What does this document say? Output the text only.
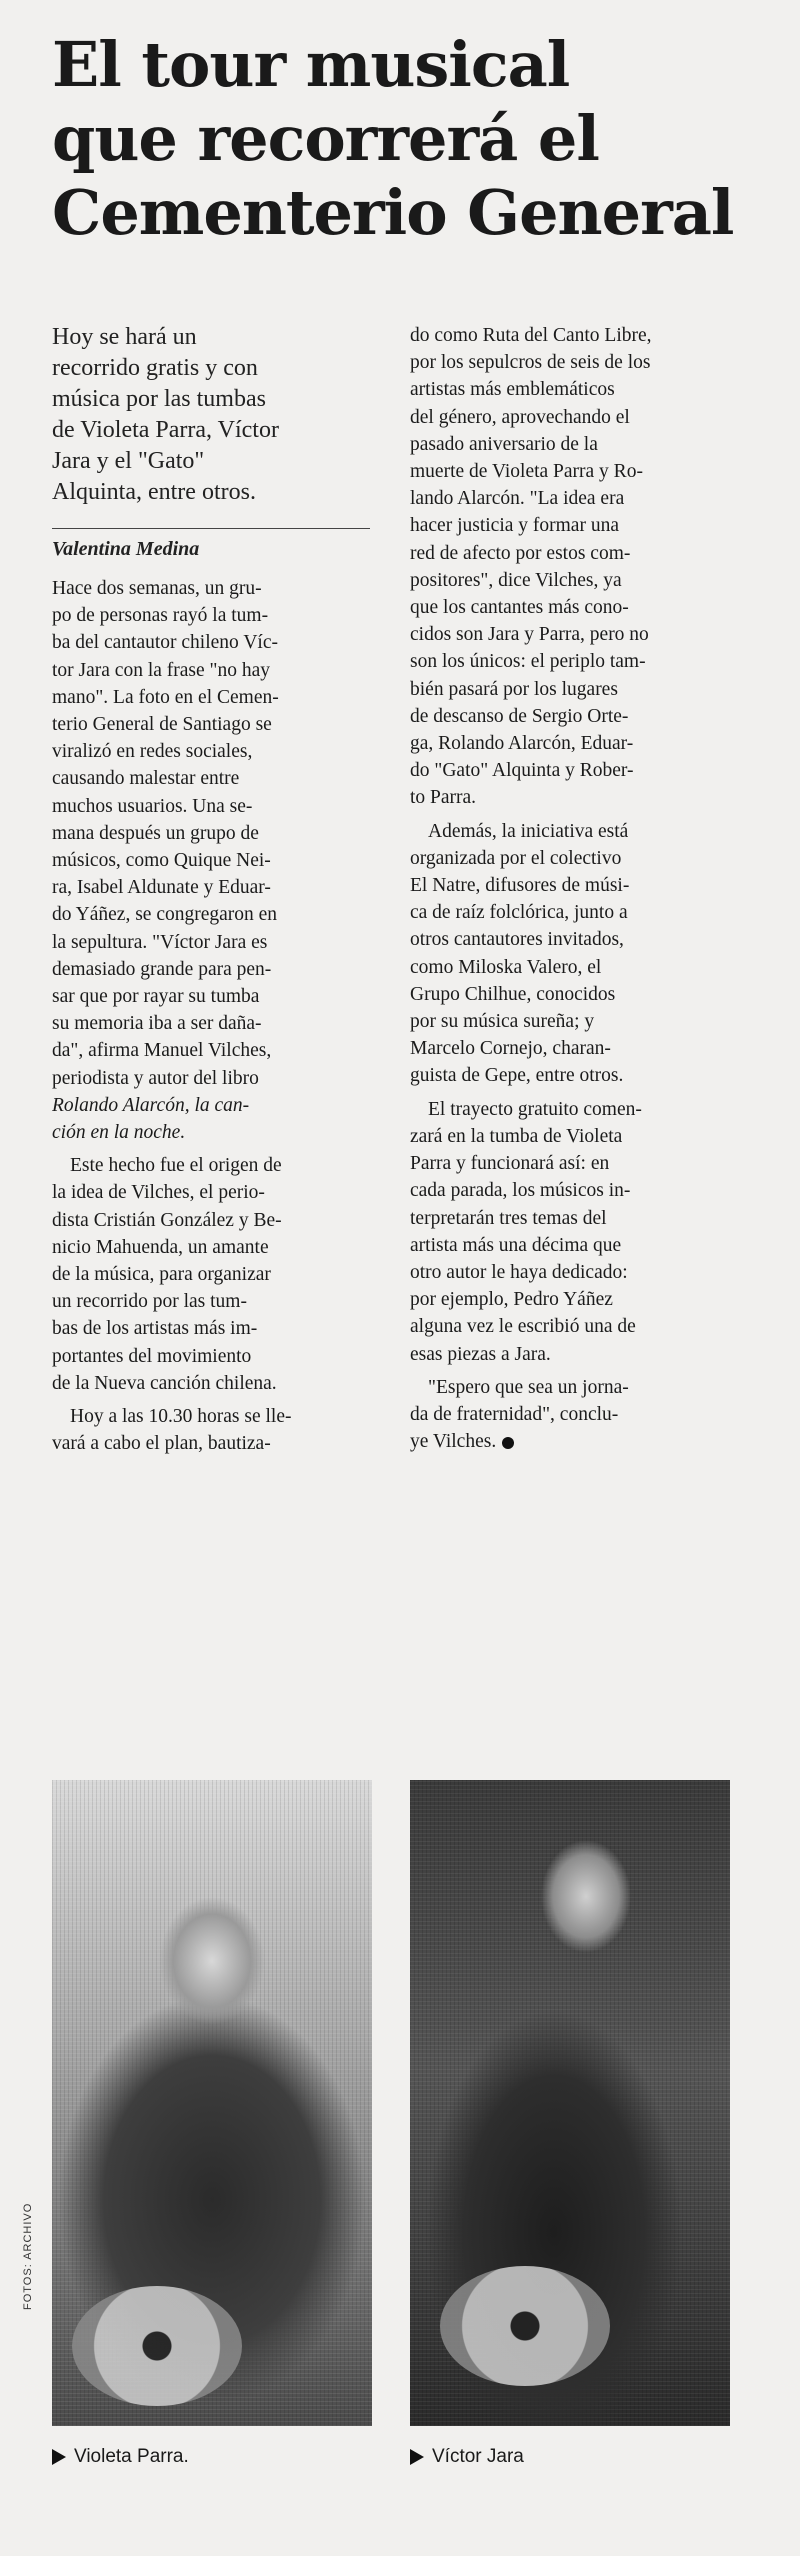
El tour musical
que recorrerá el
Cementerio General

Hoy se hará un
recorrido gratis y con
música por las tumbas
de Violeta Parra, Víctor
Jara y el "Gato"
Alquinta, entre otros.

Valentina Medina

Hace dos semanas, un gru-
po de personas rayó la tum-
ba del cantautor chileno Víc-
tor Jara con la frase "no hay
mano". La foto en el Cemen-
terio General de Santiago se
viralizó en redes sociales,
causando malestar entre
muchos usuarios. Una se-
mana después un grupo de
músicos, como Quique Nei-
ra, Isabel Aldunate y Eduar-
do Yáñez, se congregaron en
la sepultura. "Víctor Jara es
demasiado grande para pen-
sar que por rayar su tumba
su memoria iba a ser daña-
da", afirma Manuel Vilches,
periodista y autor del libro
Rolando Alarcón, la can-
ción en la noche.

Este hecho fue el origen de
la idea de Vilches, el perio-
dista Cristián González y Be-
nicio Mahuenda, un amante
de la música, para organizar
un recorrido por las tum-
bas de los artistas más im-
portantes del movimiento
de la Nueva canción chilena.

Hoy a las 10.30 horas se lle-
vará a cabo el plan, bautiza-

do como Ruta del Canto Libre,
por los sepulcros de seis de los
artistas más emblemáticos
del género, aprovechando el
pasado aniversario de la
muerte de Violeta Parra y Ro-
lando Alarcón. "La idea era
hacer justicia y formar una
red de afecto por estos com-
positores", dice Vilches, ya
que los cantantes más cono-
cidos son Jara y Parra, pero no
son los únicos: el periplo tam-
bién pasará por los lugares
de descanso de Sergio Orte-
ga, Rolando Alarcón, Eduar-
do "Gato" Alquinta y Rober-
to Parra.

Además, la iniciativa está
organizada por el colectivo
El Natre, difusores de músi-
ca de raíz folclórica, junto a
otros cantautores invitados,
como Miloska Valero, el
Grupo Chilhue, conocidos
por su música sureña; y
Marcelo Cornejo, charan-
guista de Gepe, entre otros.

El trayecto gratuito comen-
zará en la tumba de Violeta
Parra y funcionará así: en
cada parada, los músicos in-
terpretarán tres temas del
artista más una décima que
otro autor le haya dedicado:
por ejemplo, Pedro Yáñez
alguna vez le escribió una de
esas piezas a Jara.

"Espero que sea un jorna-
da de fraternidad", conclu-
ye Vilches.

FOTOS: ARCHIVO
Violeta Parra.	Víctor Jara
